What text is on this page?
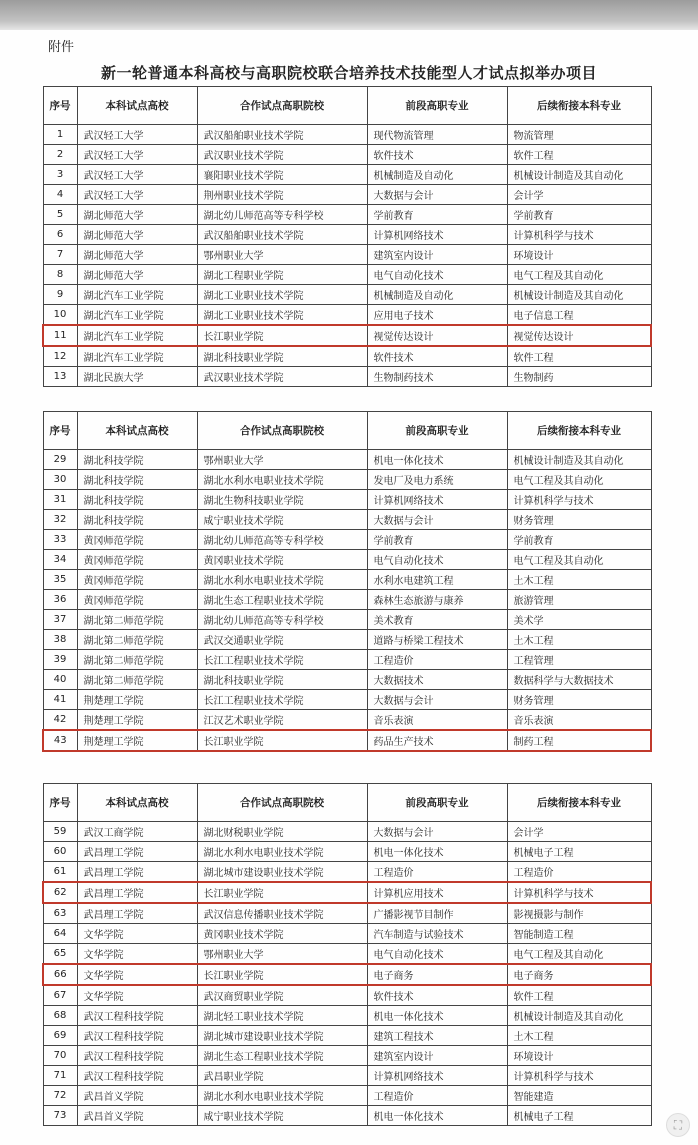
附件
新一轮普通本科高校与高职院校联合培养技术技能型人才试点拟举办项目
序号	本科试点高校	合作试点高职院校	前段高职专业	后续衔接本科专业
1	武汉轻工大学	武汉船舶职业技术学院	现代物流管理	物流管理
2	武汉轻工大学	武汉职业技术学院	软件技术	软件工程
3	武汉轻工大学	襄阳职业技术学院	机械制造及自动化	机械设计制造及其自动化
4	武汉轻工大学	荆州职业技术学院	大数据与会计	会计学
5	湖北师范大学	湖北幼儿师范高等专科学校	学前教育	学前教育
6	湖北师范大学	武汉船舶职业技术学院	计算机网络技术	计算机科学与技术
7	湖北师范大学	鄂州职业大学	建筑室内设计	环境设计
8	湖北师范大学	湖北工程职业学院	电气自动化技术	电气工程及其自动化
9	湖北汽车工业学院	湖北工业职业技术学院	机械制造及自动化	机械设计制造及其自动化
10	湖北汽车工业学院	湖北工业职业技术学院	应用电子技术	电子信息工程
11	湖北汽车工业学院	长江职业学院	视觉传达设计	视觉传达设计
12	湖北汽车工业学院	湖北科技职业学院	软件技术	软件工程
13	湖北民族大学	武汉职业技术学院	生物制药技术	生物制药
序号	本科试点高校	合作试点高职院校	前段高职专业	后续衔接本科专业
29	湖北科技学院	鄂州职业大学	机电一体化技术	机械设计制造及其自动化
30	湖北科技学院	湖北水利水电职业技术学院	发电厂及电力系统	电气工程及其自动化
31	湖北科技学院	湖北生物科技职业学院	计算机网络技术	计算机科学与技术
32	湖北科技学院	咸宁职业技术学院	大数据与会计	财务管理
33	黄冈师范学院	湖北幼儿师范高等专科学校	学前教育	学前教育
34	黄冈师范学院	黄冈职业技术学院	电气自动化技术	电气工程及其自动化
35	黄冈师范学院	湖北水利水电职业技术学院	水利水电建筑工程	土木工程
36	黄冈师范学院	湖北生态工程职业技术学院	森林生态旅游与康养	旅游管理
37	湖北第二师范学院	湖北幼儿师范高等专科学校	美术教育	美术学
38	湖北第二师范学院	武汉交通职业学院	道路与桥梁工程技术	土木工程
39	湖北第二师范学院	长江工程职业技术学院	工程造价	工程管理
40	湖北第二师范学院	湖北科技职业学院	大数据技术	数据科学与大数据技术
41	荆楚理工学院	长江工程职业技术学院	大数据与会计	财务管理
42	荆楚理工学院	江汉艺术职业学院	音乐表演	音乐表演
43	荆楚理工学院	长江职业学院	药品生产技术	制药工程
序号	本科试点高校	合作试点高职院校	前段高职专业	后续衔接本科专业
59	武汉工商学院	湖北财税职业学院	大数据与会计	会计学
60	武昌理工学院	湖北水利水电职业技术学院	机电一体化技术	机械电子工程
61	武昌理工学院	湖北城市建设职业技术学院	工程造价	工程造价
62	武昌理工学院	长江职业学院	计算机应用技术	计算机科学与技术
63	武昌理工学院	武汉信息传播职业技术学院	广播影视节目制作	影视摄影与制作
64	文华学院	黄冈职业技术学院	汽车制造与试验技术	智能制造工程
65	文华学院	鄂州职业大学	电气自动化技术	电气工程及其自动化
66	文华学院	长江职业学院	电子商务	电子商务
67	文华学院	武汉商贸职业学院	软件技术	软件工程
68	武汉工程科技学院	湖北轻工职业技术学院	机电一体化技术	机械设计制造及其自动化
69	武汉工程科技学院	湖北城市建设职业技术学院	建筑工程技术	土木工程
70	武汉工程科技学院	湖北生态工程职业技术学院	建筑室内设计	环境设计
71	武汉工程科技学院	武昌职业学院	计算机网络技术	计算机科学与技术
72	武昌首义学院	湖北水利水电职业技术学院	工程造价	智能建造
73	武昌首义学院	咸宁职业技术学院	机电一体化技术	机械电子工程
⛶
